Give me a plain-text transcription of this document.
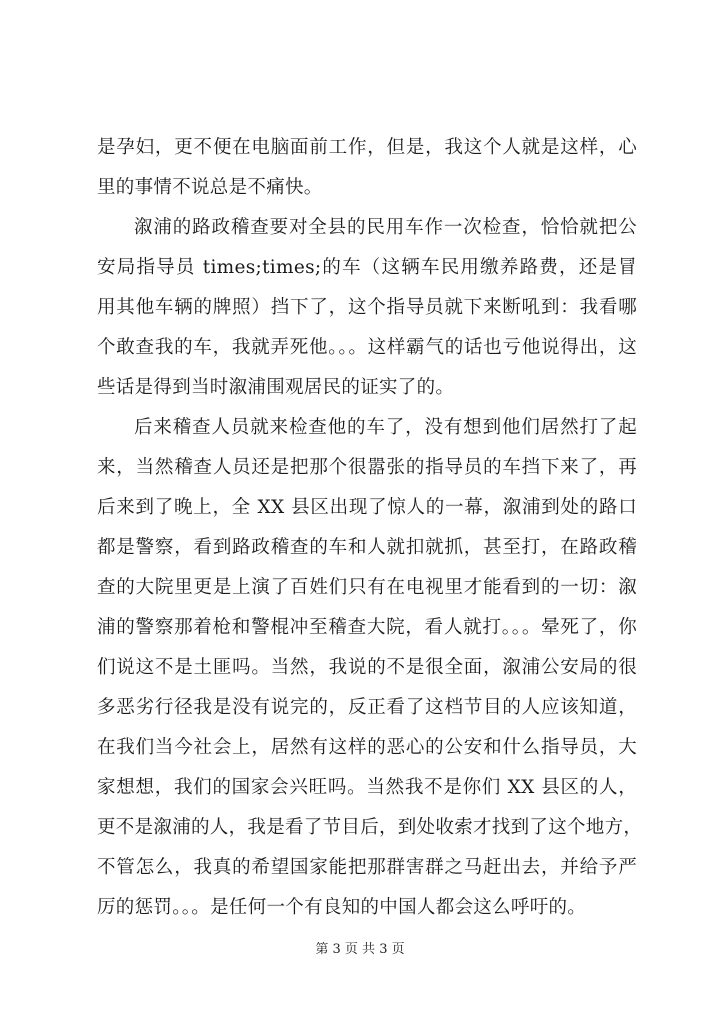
是孕妇，更不便在电脑面前工作，但是，我这个人就是这样，心
里的事情不说总是不痛快。
溆浦的路政稽查要对全县的民用车作一次检查，恰恰就把公
安局指导员 times;times;的车（这辆车民用缴养路费，还是冒
用其他车辆的牌照）挡下了，这个指导员就下来断吼到：我看哪
个敢查我的车，我就弄死他。。。这样霸气的话也亏他说得出，这
些话是得到当时溆浦围观居民的证实了的。
后来稽查人员就来检查他的车了，没有想到他们居然打了起
来，当然稽查人员还是把那个很嚣张的指导员的车挡下来了，再
后来到了晚上，全 XX 县区出现了惊人的一幕，溆浦到处的路口
都是警察，看到路政稽查的车和人就扣就抓，甚至打，在路政稽
查的大院里更是上演了百姓们只有在电视里才能看到的一切：溆
浦的警察那着枪和警棍冲至稽查大院，看人就打。。。晕死了，你
们说这不是土匪吗。当然，我说的不是很全面，溆浦公安局的很
多恶劣行径我是没有说完的，反正看了这档节目的人应该知道，
在我们当今社会上，居然有这样的恶心的公安和什么指导员，大
家想想，我们的国家会兴旺吗。当然我不是你们 XX 县区的人，
更不是溆浦的人，我是看了节目后，到处收索才找到了这个地方，
不管怎么，我真的希望国家能把那群害群之马赶出去，并给予严
厉的惩罚。。。是任何一个有良知的中国人都会这么呼吁的。
第 3 页 共 3 页
